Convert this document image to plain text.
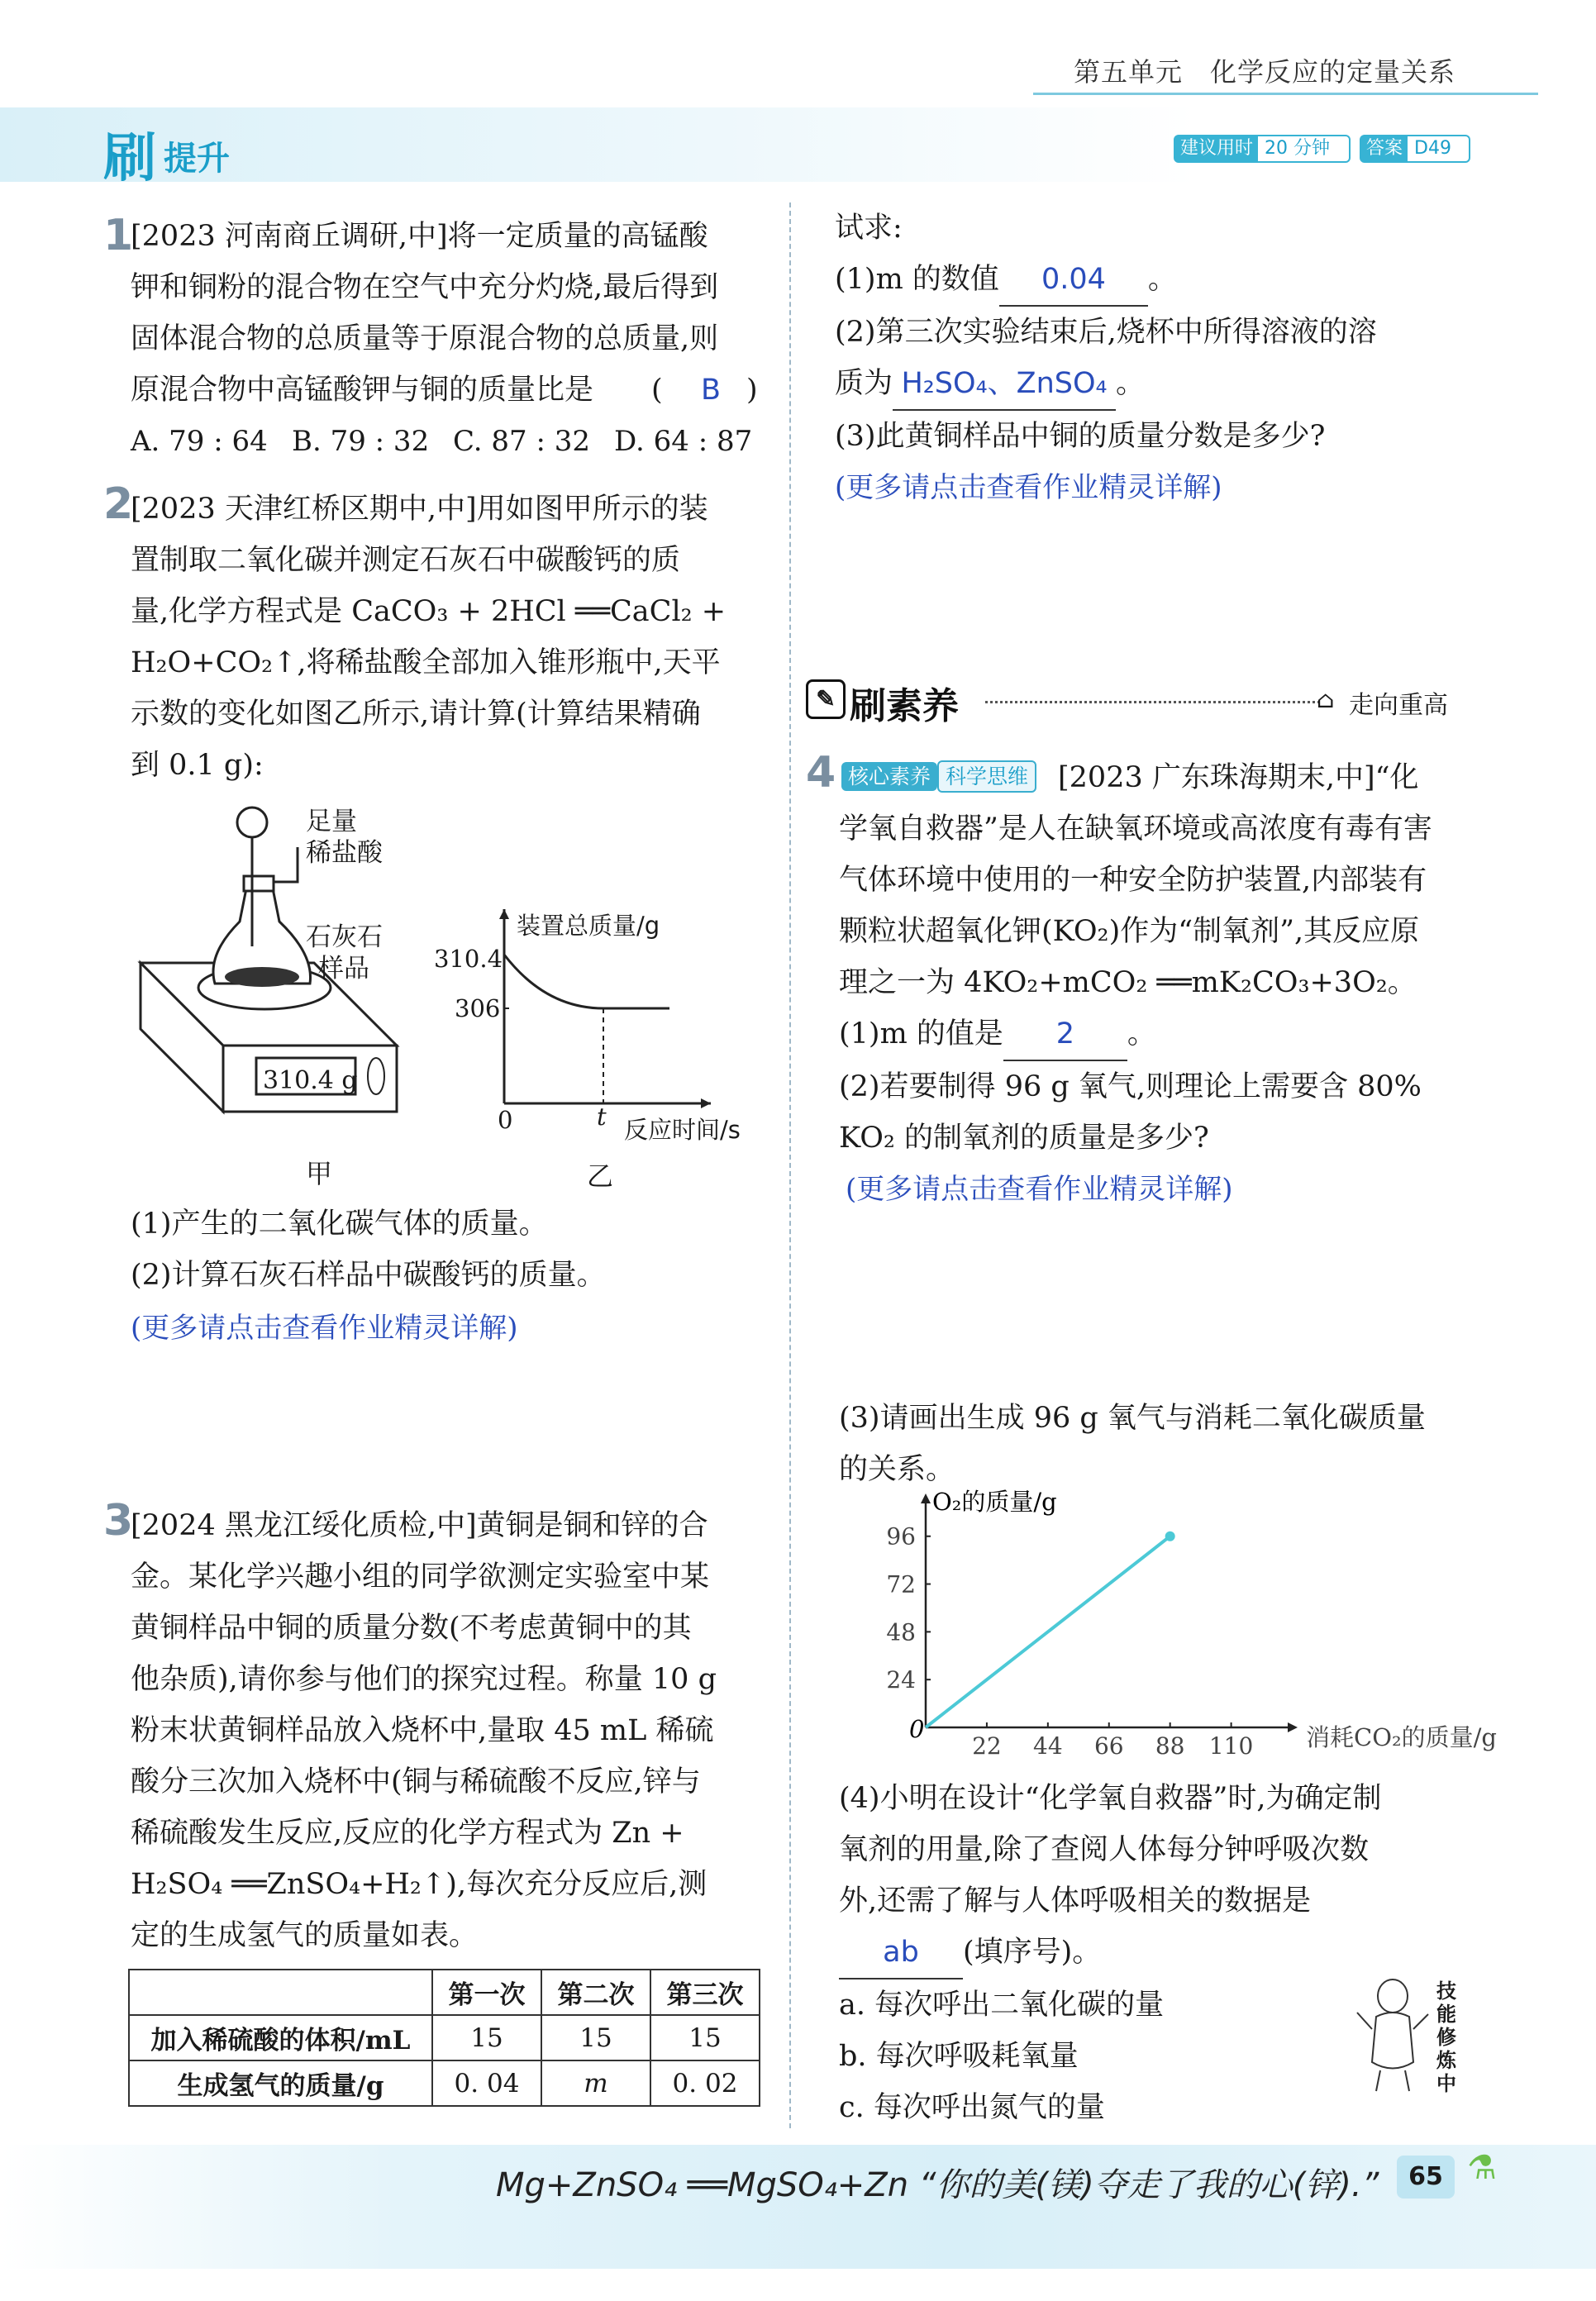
第五单元　化学反应的定量关系
刷 提升	建议用时 20 分钟	答案 D49
1
[2023 河南商丘调研,中]将一定质量的高锰酸
钾和铜粉的混合物在空气中充分灼烧,最后得到
固体混合物的总质量等于原混合物的总质量,则
原混合物中高锰酸钾与铜的质量比是 ( B )
A. 79 : 64 B. 79 : 32 C. 87 : 32 D. 64 : 87
2
[2023 天津红桥区期中,中]用如图甲所示的装
置制取二氧化碳并测定石灰石中碳酸钙的质
量,化学方程式是 CaCO₃ + 2HCl ══CaCl₂ +
H₂O+CO₂↑,将稀盐酸全部加入锥形瓶中,天平
示数的变化如图乙所示,请计算(计算结果精确
到 0.1 g):
足量
稀盐酸
石灰石
样品
310.4 g
甲
装置总质量/g
310.4
306
0	t 反应时间/s
乙
(1)产生的二氧化碳气体的质量。
(2)计算石灰石样品中碳酸钙的质量。
(更多请点击查看作业精灵详解)
3
[2024 黑龙江绥化质检,中]黄铜是铜和锌的合
金。某化学兴趣小组的同学欲测定实验室中某
黄铜样品中铜的质量分数(不考虑黄铜中的其
他杂质),请你参与他们的探究过程。称量 10 g
粉末状黄铜样品放入烧杯中,量取 45 mL 稀硫
酸分三次加入烧杯中(铜与稀硫酸不反应,锌与
稀硫酸发生反应,反应的化学方程式为 Zn +
H₂SO₄ ══ZnSO₄+H₂↑),每次充分反应后,测
定的生成氢气的质量如表。
	第一次	第二次	第三次
加入稀硫酸的体积/mL	15	15	15
生成氢气的质量/g	0. 04	m	0. 02
试求:
(1)m 的数值 0.04 。
(2)第三次实验结束后,烧杯中所得溶液的溶
质为 H₂SO₄、ZnSO₄ 。
(3)此黄铜样品中铜的质量分数是多少?
(更多请点击查看作业精灵详解)
✎ 刷素养	⌂ 走向重高
4 核心素养 科学思维 [2023 广东珠海期末,中]“化
学氧自救器”是人在缺氧环境或高浓度有毒有害
气体环境中使用的一种安全防护装置,内部装有
颗粒状超氧化钾(KO₂)作为“制氧剂”,其反应原
理之一为 4KO₂+mCO₂ ══mK₂CO₃+3O₂。
(1)m 的值是 2 。
(2)若要制得 96 g 氧气,则理论上需要含 80%
KO₂ 的制氧剂的质量是多少?
(更多请点击查看作业精灵详解)
(3)请画出生成 96 g 氧气与消耗二氧化碳质量
的关系。
O₂的质量/g
消耗CO₂的质量/g
0
22 44 66 88 110
24
48
72
96
(4)小明在设计“化学氧自救器”时,为确定制
氧剂的用量,除了查阅人体每分钟呼吸次数
外,还需了解与人体呼吸相关的数据是
ab (填序号)。
a. 每次呼出二氧化碳的量
b. 每次呼吸耗氧量
c. 每次呼出氮气的量
技能修炼中
Mg+ZnSO₄ ══MgSO₄+Zn “你的美(镁)夺走了我的心(锌).”	65 ⚗
